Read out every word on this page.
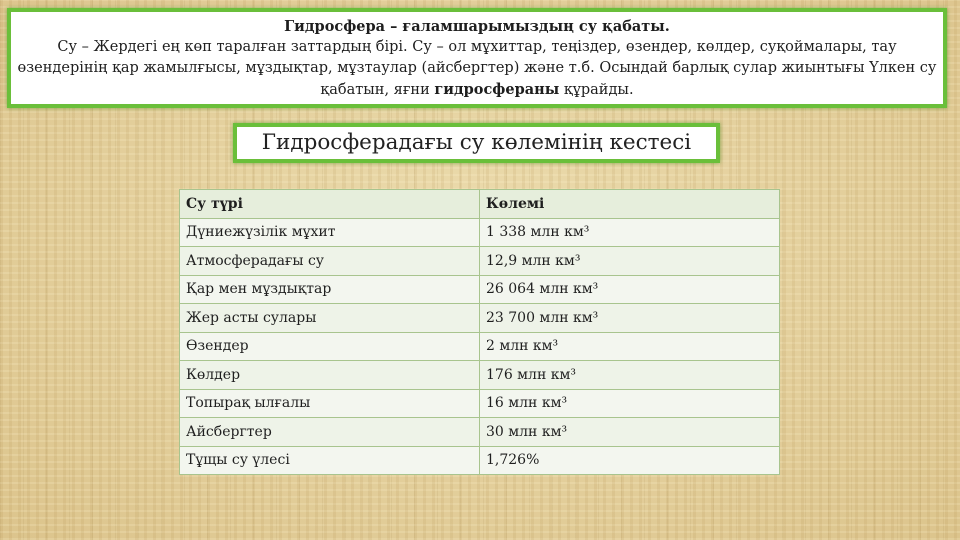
Гидросфера – ғаламшарымыздың су қабаты.
Су – Жердегі ең көп таралған заттардың бірі. Су – ол мұхиттар, теңіздер, өзендер, көлдер, суқоймалары, тау өзендерінің қар жамылғысы, мұздықтар, мұзтаулар (айсбергтер) және т.б. Осындай барлық сулар жиынтығы Үлкен су қабатын, яғни гидросфераны құрайды.
Гидросферадағы су көлемінің кестесі
Су түрі	Көлемі
Дүниежүзілік мұхит	1 338 млн км³
Атмосферадағы су	12,9 млн км³
Қар мен мұздықтар	26 064 млн км³
Жер асты сулары	23 700 млн км³
Өзендер	2 млн км³
Көлдер	176 млн км³
Топырақ ылғалы	16 млн км³
Айсбергтер	30 млн км³
Тұщы су үлесі	1,726%
